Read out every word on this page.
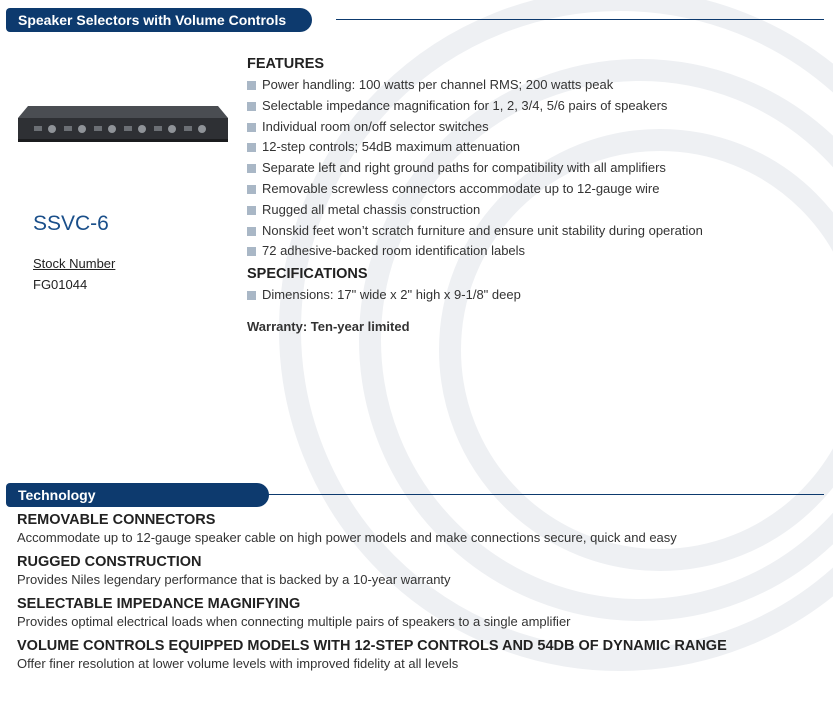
Speaker Selectors with Volume Controls
SSVC-6
Stock Number
FG01044
FEATURES
Power handling: 100 watts per channel RMS; 200 watts peak
Selectable impedance magnification for 1, 2, 3/4, 5/6 pairs of speakers
Individual room on/off selector switches
12-step controls; 54dB maximum attenuation
Separate left and right ground paths for compatibility with all amplifiers
Removable screwless connectors accommodate up to 12-gauge wire
Rugged all metal chassis construction
Nonskid feet won’t scratch furniture and ensure unit stability during operation
72 adhesive-backed room identification labels
SPECIFICATIONS
Dimensions: 17" wide x 2" high x 9-1/8" deep
Warranty: Ten-year limited
Technology
REMOVABLE CONNECTORS
Accommodate up to 12-gauge speaker cable on high power models and make connections secure, quick and easy
RUGGED CONSTRUCTION
Provides Niles legendary performance that is backed by a 10-year warranty
SELECTABLE IMPEDANCE MAGNIFYING
Provides optimal electrical loads when connecting multiple pairs of speakers to a single amplifier
VOLUME CONTROLS EQUIPPED MODELS WITH 12-STEP CONTROLS AND 54DB OF DYNAMIC RANGE
Offer finer resolution at lower volume levels with improved fidelity at all levels
